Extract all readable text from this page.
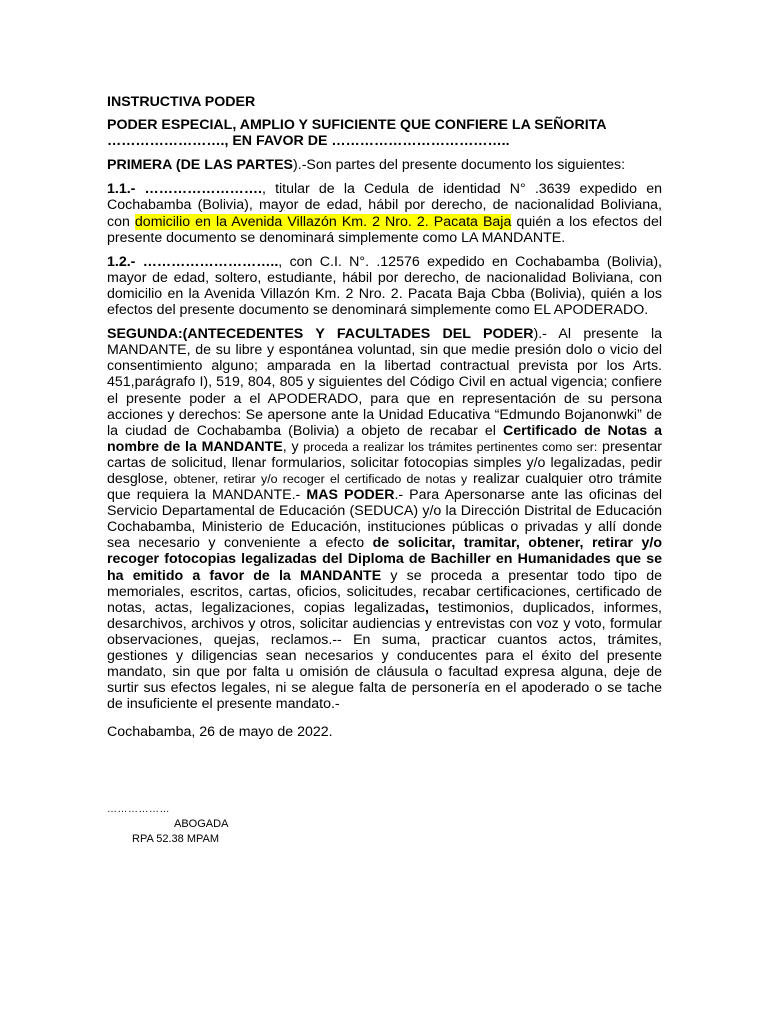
INSTRUCTIVA PODER
PODER ESPECIAL, AMPLIO Y SUFICIENTE QUE CONFIERE LA SEÑORITA
……………………., EN FAVOR DE ………………………………..

PRIMERA (DE LAS PARTES).-Son partes del presente documento los siguientes:

1.1.- ……………………., titular de la Cedula de identidad N° .3639 expedido en Cochabamba (Bolivia), mayor de edad, hábil por derecho, de nacionalidad Boliviana, con domicilio en la Avenida Villazón Km. 2 Nro. 2. Pacata Baja quién a los efectos del presente documento se denominará simplemente como LA MANDANTE.

1.2.- ……………………….., con C.I. N°. .12576 expedido en Cochabamba (Bolivia), mayor de edad, soltero, estudiante, hábil por derecho, de nacionalidad Boliviana, con domicilio en la Avenida Villazón Km. 2 Nro. 2. Pacata Baja Cbba (Bolivia), quién a los efectos del presente documento se denominará simplemente como EL APODERADO.

SEGUNDA:(ANTECEDENTES Y FACULTADES DEL PODER).- Al presente la MANDANTE, de su libre y espontánea voluntad, sin que medie presión dolo o vicio del consentimiento alguno; amparada en la libertad contractual prevista por los Arts. 451,parágrafo I), 519, 804, 805 y siguientes del Código Civil en actual vigencia; confiere el presente poder a el APODERADO, para que en representación de su persona acciones y derechos: Se apersone ante la Unidad Educativa “Edmundo Bojanonwki” de la ciudad de Cochabamba (Bolivia) a objeto de recabar el Certificado de Notas a nombre de la MANDANTE, y proceda a realizar los trámites pertinentes como ser: presentar cartas de solicitud, llenar formularios, solicitar fotocopias simples y/o legalizadas, pedir desglose, obtener, retirar y/o recoger el certificado de notas y realizar cualquier otro trámite que requiera la MANDANTE.- MAS PODER.- Para Apersonarse ante las oficinas del Servicio Departamental de Educación (SEDUCA) y/o la Dirección Distrital de Educación Cochabamba, Ministerio de Educación, instituciones públicas o privadas y allí donde sea necesario y conveniente a efecto de solicitar, tramitar, obtener, retirar y/o recoger fotocopias legalizadas del Diploma de Bachiller en Humanidades que se ha emitido a favor de la MANDANTE y se proceda a presentar todo tipo de memoriales, escritos, cartas, oficios, solicitudes, recabar certificaciones, certificado de notas, actas, legalizaciones, copias legalizadas, testimonios, duplicados, informes, desarchivos, archivos y otros, solicitar audiencias y entrevistas con voz y voto, formular observaciones, quejas, reclamos.-- En suma, practicar cuantos actos, trámites, gestiones y diligencias sean necesarios y conducentes para el éxito del presente mandato, sin que por falta u omisión de cláusula o facultad expresa alguna, deje de surtir sus efectos legales, ni se alegue falta de personería en el apoderado o se tache de insuficiente el presente mandato.-

Cochabamba, 26 de mayo de 2022.

………………
ABOGADA
RPA 52.38 MPAM
